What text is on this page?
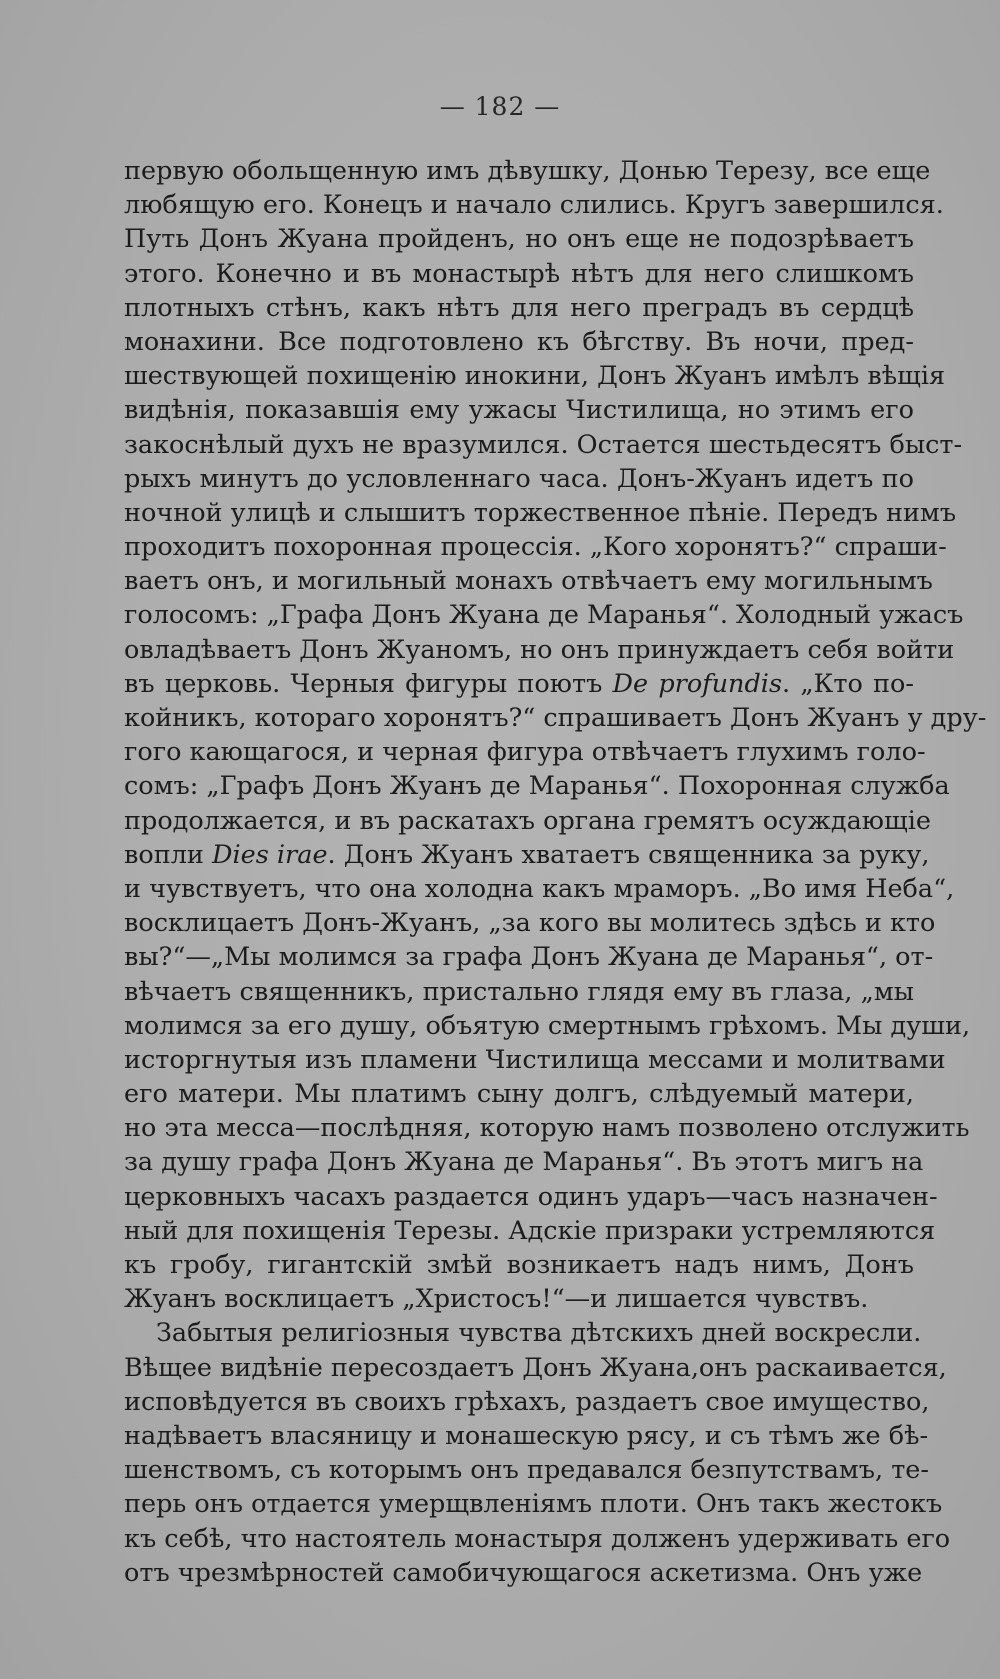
— 182 —
первую обольщенную имъ дѣвушку, Донью Терезу, все еще
любящую его. Конецъ и начало слились. Кругъ завершился.
Путь Донъ Жуана пройденъ, но онъ еще не подозрѣваетъ
этого. Конечно и въ монастырѣ нѣтъ для него слишкомъ
плотныхъ стѣнъ, какъ нѣтъ для него преградъ въ сердцѣ
монахини. Все подготовлено къ бѣгству. Въ ночи, пред-
шествующей похищенію инокини, Донъ Жуанъ имѣлъ вѣщія
видѣнія, показавшія ему ужасы Чистилища, но этимъ его
закоснѣлый духъ не вразумился. Остается шестьдесятъ быст-
рыхъ минутъ до условленнаго часа. Донъ-Жуанъ идетъ по
ночной улицѣ и слышитъ торжественное пѣніе. Передъ нимъ
проходитъ похоронная процессія. „Кого хоронятъ?“ спраши-
ваетъ онъ, и могильный монахъ отвѣчаетъ ему могильнымъ
голосомъ: „Графа Донъ Жуана де Маранья“. Холодный ужасъ
овладѣваетъ Донъ Жуаномъ, но онъ принуждаетъ себя войти
въ церковь. Черныя фигуры поютъ De profundis. „Кто по-
койникъ, котораго хоронятъ?“ спрашиваетъ Донъ Жуанъ у дру-
гого кающагося, и черная фигура отвѣчаетъ глухимъ голо-
сомъ: „Графъ Донъ Жуанъ де Маранья“. Похоронная служба
продолжается, и въ раскатахъ органа гремятъ осуждающіе
вопли Dies irae. Донъ Жуанъ хватаетъ священника за руку,
и чувствуетъ, что она холодна какъ мраморъ. „Во имя Неба“,
восклицаетъ Донъ-Жуанъ, „за кого вы молитесь здѣсь и кто
вы?“—„Мы молимся за графа Донъ Жуана де Маранья“, от-
вѣчаетъ священникъ, пристально глядя ему въ глаза, „мы
молимся за его душу, объятую смертнымъ грѣхомъ. Мы души,
исторгнутыя изъ пламени Чистилища мессами и молитвами
его матери. Мы платимъ сыну долгъ, слѣдуемый матери,
но эта месса—послѣдняя, которую намъ позволено отслужить
за душу графа Донъ Жуана де Маранья“. Въ этотъ мигъ на
церковныхъ часахъ раздается одинъ ударъ—часъ назначен-
ный для похищенія Терезы. Адскіе призраки устремляются
къ гробу, гигантскій змѣй возникаетъ надъ нимъ, Донъ
Жуанъ восклицаетъ „Христосъ!“—и лишается чувствъ.
Забытыя религіозныя чувства дѣтскихъ дней воскресли.
Вѣщее видѣніе пересоздаетъ Донъ Жуана,онъ раскаивается,
исповѣдуется въ своихъ грѣхахъ, раздаетъ свое имущество,
надѣваетъ власяницу и монашескую рясу, и съ тѣмъ же бѣ-
шенствомъ, съ которымъ онъ предавался безпутствамъ, те-
перь онъ отдается умерщвленіямъ плоти. Онъ такъ жестокъ
къ себѣ, что настоятель монастыря долженъ удерживать его
отъ чрезмѣрностей самобичующагося аскетизма. Онъ уже
